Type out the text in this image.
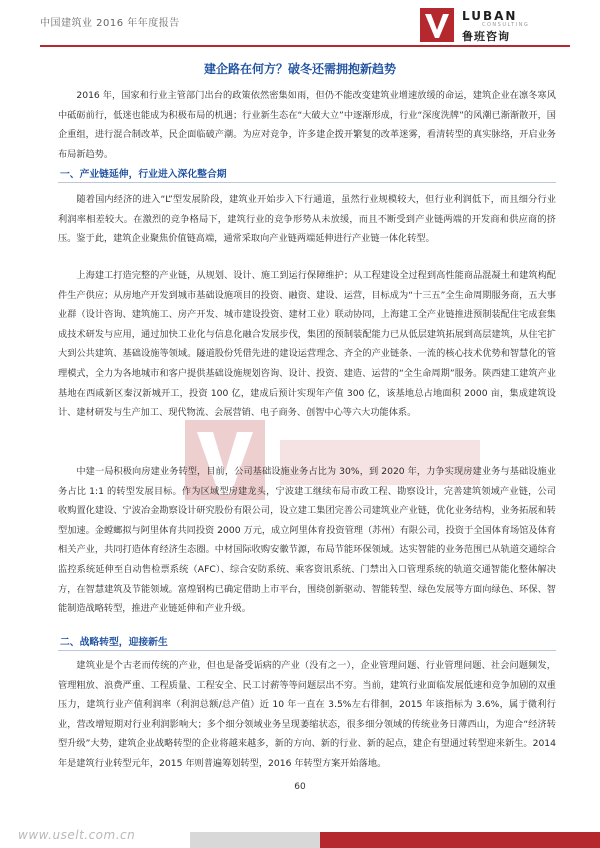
中国建筑业 2016 年年度报告
LUBAN
CONSULTING
鲁班咨询
建企路在何方？破冬还需拥抱新趋势
2016 年，国家和行业主管部门出台的政策依然密集如雨，但仍不能改变建筑业增速放缓的命运，建筑企业在凛冬寒风中砥砺前行，低迷也能成为积极布局的机遇；行业新生态在“大破大立”中逐渐形成，行业“深度洗牌”的风潮已渐渐散开，国企重组，进行混合制改革，民企面临破产潮。为应对竞争，许多建企拨开繁复的改革迷雾，看清转型的真实脉络，开启业务布局新趋势。
一、产业链延伸，行业进入深化整合期
随着国内经济的进入“L”型发展阶段，建筑业开始步入下行通道，虽然行业规模较大，但行业利润低下，而且细分行业利润率相差较大。在激烈的竞争格局下，建筑行业的竞争形势从未放缓，而且不断受到产业链两端的开发商和供应商的挤压。鉴于此，建筑企业聚焦价值链高端，通常采取向产业链两端延伸进行产业链一体化转型。
上海建工打造完整的产业链，从规划、设计、施工到运行保障维护；从工程建设全过程到高性能商品混凝土和建筑构配件生产供应；从房地产开发到城市基础设施项目的投资、融资、建设、运营，目标成为“十三五”全生命周期服务商，五大事业群（设计咨询、建筑施工、房产开发、城市建设投资、建材工业）联动协同，上海建工全产业链推进预制装配住宅成套集成技术研发与应用，通过加快工业化与信息化融合发展步伐，集团的预制装配能力已从低层建筑拓展到高层建筑，从住宅扩大到公共建筑、基础设施等领域。隧道股份凭借先进的建设运营理念、齐全的产业链条、一流的核心技术优势和智慧化的管理模式，全力为各地城市和客户提供基础设施规划咨询、设计、投资、建造、运营的“全生命周期”服务。陕西建工建筑产业基地在西咸新区秦汉新城开工，投资 100 亿，建成后预计实现年产值 300 亿，该基地总占地面积 2000 亩，集成建筑设计、建材研发与生产加工、现代物流、会展营销、电子商务、创智中心等六大功能体系。
中建一局积极向房建业务转型，目前，公司基础设施业务占比为 30%，到 2020 年，力争实现房建业务与基础设施业务占比 1:1 的转型发展目标。作为区域型房建龙头，宁波建工继续布局市政工程、勘察设计，完善建筑领域产业链，公司收购置化建设、宁波冶金勘察设计研究股份有限公司，设立建工集团完善公司建筑业产业链，优化业务结构，业务拓展和转型加速。金螳螂拟与阿里体育共同投资 2000 万元，成立阿里体育投资管理（苏州）有限公司，投资于全国体育场馆及体育相关产业，共同打造体育经济生态圈。中材国际收购安徽节源，布局节能环保领域。达实智能的业务范围已从轨道交通综合监控系统延伸至自动售检票系统（AFC）、综合安防系统、乘客资讯系统、门禁出入口管理系统的轨道交通智能化整体解决方，在智慧建筑及节能领域。富煌钢构已确定借助上市平台，围绕创新驱动、智能转型、绿色发展等方面向绿色、环保、智能制造战略转型，推进产业链延伸和产业升级。
二、战略转型，迎接新生
建筑业是个古老而传统的产业，但也是备受诟病的产业（没有之一），企业管理问题、行业管理问题、社会问题频发，管理粗放、浪费严重、工程质量、工程安全、民工讨薪等等问题层出不穷。当前，建筑行业面临发展低速和竞争加剧的双重压力，建筑行业产值利润率（利润总额/总产值）近 10 年一直在 3.5%左右徘徊，2015 年该指标为 3.6%，属于微利行业，营改增短期对行业利润影响大；多个细分领域业务呈现萎缩状态，很多细分领域的传统业务日薄西山，为迎合“经济转型升级”大势，建筑企业战略转型的企业将越来越多，新的方向、新的行业、新的起点，建企有望通过转型迎来新生。2014 年是建筑行业转型元年，2015 年则普遍筹划转型，2016 年转型方案开始落地。
60
www.uselt.com.cn
